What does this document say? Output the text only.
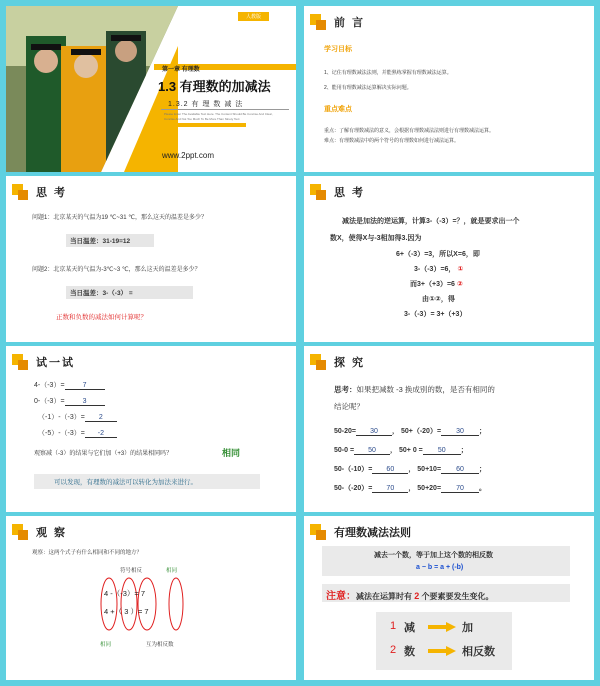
人教版
第一章 有理数
1.3 有理数的加减法
1.3.2 有 理 数 减 法
Please Enter The Available Text Here. The Content Should Be Concise And Clear,
Concise And Not Too Much To Be More Than Ninety Text
www.2ppt.com
前 言
学习目标
1、记住有理数减法法则，并能熟练掌握有理数减法运算。
2、能用有理数减法运算解决实际问题。
重点难点
重点：了解有理数减法的意义，会根据有理数减法法则进行有理数减法运算。
难点：有理数减法中的两个符号的有理数如何进行减法运算。
思 考
问题1：北京某天的气温为19 ℃~31 ℃，那么这天的温差是多少？
当日温差：31-19=12
问题2：北京某天的气温为-3℃~3 ℃，那么这天的温差是多少？
当日温差：3-（-3） =
正数和负数的减法如何计算呢？
思 考
减法是加法的逆运算，计算3-（-3）=？，就是要求出一个
数X，使得X与-3相加得3.因为
6+（-3）=3，所以X=6，即
3-（-3）=6， ①
而3+（+3）=6 ②
由①②，得
3-（-3）= 3+（+3）
试一试
4-（-3）=	7
0-（-3）=	3
（-1）-（-3）= 2
（-5）-（-3）= -2
观察减（-3）的结果与它们加（+3）的结果相同吗？	相同
可以发现，有理数的减法可以转化为加法来进行。
探 究
思考：如果把减数 -3 换成别的数，是否有相同的
结论呢？
50-20= 30 ， 50+（-20）= 30 ；
50-0 = 50 ， 50+ 0 = 50 ；
50-（-10）= 60 ， 50+10= 60 ；
50-（-20）= 70 ， 50+20= 70 。
观 察
观察：这两个式子有什么相同和不同的地方？
符号相反	相同
4 -（-3）= 7
4 +（ 3 ）= 7
相同	互为相反数
有理数减法法则
减去一个数，等于加上这个数的相反数
a − b = a + (-b)
注意：减法在运算时有 2 个要素要发生变化。
1 减	加
2 数	相反数
